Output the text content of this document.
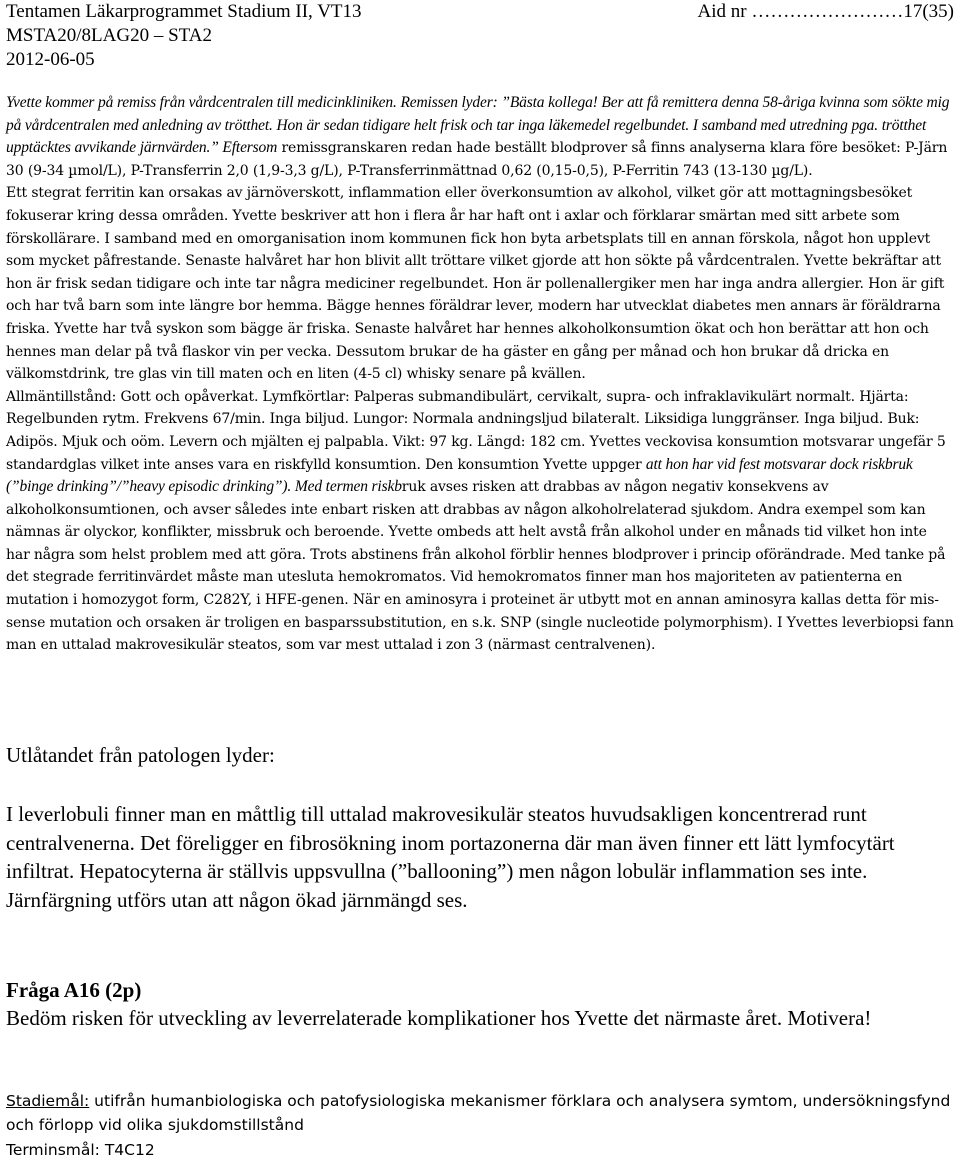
Tentamen Läkarprogrammet Stadium II, VT13
MSTA20/8LAG20 – STA2
2012-06-05
Aid nr ……………………17(35)

Yvette kommer på remiss från vårdcentralen till medicinkliniken. Remissen lyder: ”Bästa kollega! Ber att få remittera denna 58-åriga kvinna som sökte mig på vårdcentralen med anledning av trötthet. Hon är sedan tidigare helt frisk och tar inga läkemedel regelbundet. I samband med utredning pga. trötthet upptäcktes avvikande järnvärden.” Eftersom remissgranskaren redan hade beställt blodprover så finns analyserna klara före besöket: P-Järn 30 (9-34 µmol/L), P-Transferrin 2,0 (1,9-3,3 g/L), P-Transferrinmättnad 0,62 (0,15-0,5), P-Ferritin 743 (13-130 µg/L).

Ett stegrat ferritin kan orsakas av järnöverskott, inflammation eller överkonsumtion av alkohol, vilket gör att mottagningsbesöket fokuserar kring dessa områden. Yvette beskriver att hon i flera år har haft ont i axlar och förklarar smärtan med sitt arbete som förskollärare. I samband med en omorganisation inom kommunen fick hon byta arbetsplats till en annan förskola, något hon upplevt som mycket påfrestande. Senaste halvåret har hon blivit allt tröttare vilket gjorde att hon sökte på vårdcentralen. Yvette bekräftar att hon är frisk sedan tidigare och inte tar några mediciner regelbundet. Hon är pollenallergiker men har inga andra allergier. Hon är gift och har två barn som inte längre bor hemma. Bägge hennes föräldrar lever, modern har utvecklat diabetes men annars är föräldrarna friska. Yvette har två syskon som bägge är friska. Senaste halvåret har hennes alkoholkonsumtion ökat och hon berättar att hon och hennes man delar på två flaskor vin per vecka. Dessutom brukar de ha gäster en gång per månad och hon brukar då dricka en välkomstdrink, tre glas vin till maten och en liten (4-5 cl) whisky senare på kvällen.

Allmäntillstånd: Gott och opåverkat. Lymfkörtlar: Palperas submandibulärt, cervikalt, supra- och infraklavikulärt normalt. Hjärta: Regelbunden rytm. Frekvens 67/min. Inga biljud. Lungor: Normala andningsljud bilateralt. Liksidiga lunggränser. Inga biljud. Buk: Adipös. Mjuk och oöm. Levern och mjälten ej palpabla. Vikt: 97 kg. Längd: 182 cm. Yvettes veckovisa konsumtion motsvarar ungefär 5 standardglas vilket inte anses vara en riskfylld konsumtion. Den konsumtion Yvette uppger att hon har vid fest motsvarar dock riskbruk (”binge drinking”/”heavy episodic drinking”). Med termen riskbruk avses risken att drabbas av någon negativ konsekvens av alkoholkonsumtionen, och avser således inte enbart risken att drabbas av någon alkoholrelaterad sjukdom. Andra exempel som kan nämnas är olyckor, konflikter, missbruk och beroende. Yvette ombeds att helt avstå från alkohol under en månads tid vilket hon inte har några som helst problem med att göra. Trots abstinens från alkohol förblir hennes blodprover i princip oförändrade. Med tanke på det stegrade ferritinvärdet måste man utesluta hemokromatos. Vid hemokromatos finner man hos majoriteten av patienterna en mutation i homozygot form, C282Y, i HFE-genen. När en aminosyra i proteinet är utbytt mot en annan aminosyra kallas detta för mis-sense mutation och orsaken är troligen en basparssubstitution, en s.k. SNP (single nucleotide polymorphism). I Yvettes leverbiopsi fann man en uttalad makrovesikulär steatos, som var mest uttalad i zon 3 (närmast centralvenen).

Utlåtandet från patologen lyder:

I leverlobuli finner man en måttlig till uttalad makrovesikulär steatos huvudsakligen koncentrerad runt centralvenerna. Det föreligger en fibrosökning inom portazonerna där man även finner ett lätt lymfocytärt infiltrat. Hepatocyterna är ställvis uppsvullna (”ballooning”) men någon lobulär inflammation ses inte. Järnfärgning utförs utan att någon ökad järnmängd ses.

Fråga A16 (2p)

Bedöm risken för utveckling av leverrelaterade komplikationer hos Yvette det närmaste året. Motivera!

Stadiemål: utifrån humanbiologiska och patofysiologiska mekanismer förklara och analysera symtom, undersökningsfynd och förlopp vid olika sjukdomstillstånd
Terminsmål: T4C12
